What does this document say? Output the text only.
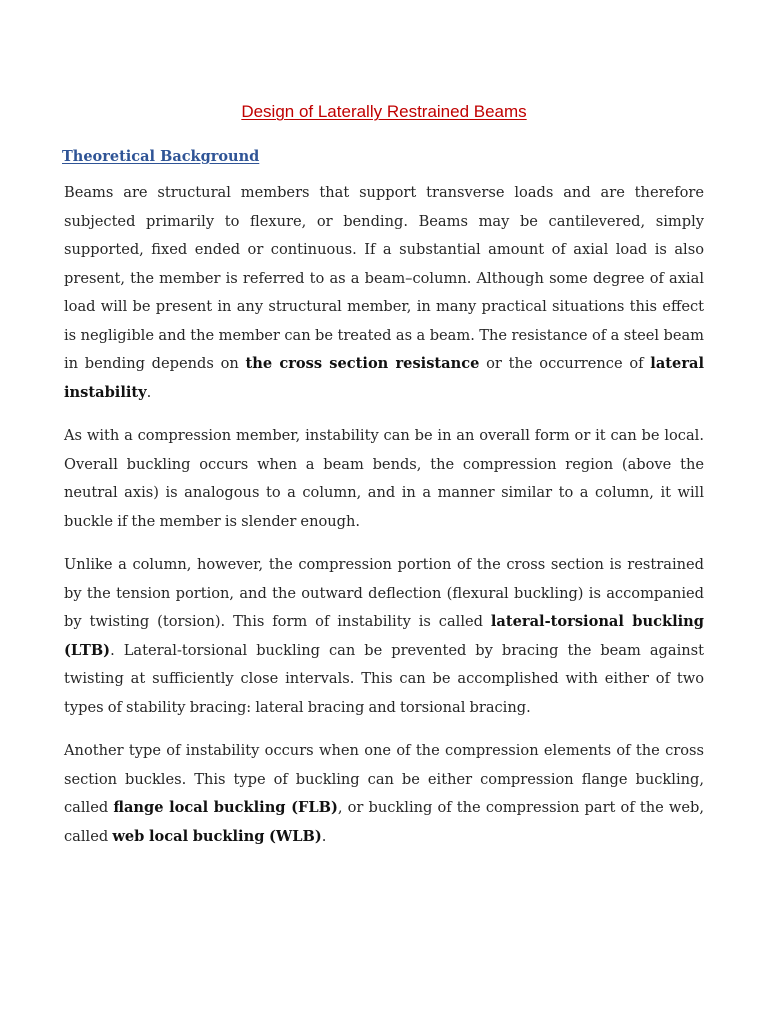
Design of Laterally Restrained Beams
Theoretical Background

Beams are structural members that support transverse loads and are therefore subjected primarily to flexure, or bending. Beams may be cantilevered, simply supported, fixed ended or continuous. If a substantial amount of axial load is also present, the member is referred to as a beam–column. Although some degree of axial load will be present in any structural member, in many practical situations this effect is negligible and the member can be treated as a beam. The resistance of a steel beam in bending depends on the cross section resistance or the occurrence of lateral instability.

As with a compression member, instability can be in an overall form or it can be local. Overall buckling occurs when a beam bends, the compression region (above the neutral axis) is analogous to a column, and in a manner similar to a column, it will buckle if the member is slender enough.

Unlike a column, however, the compression portion of the cross section is restrained by the tension portion, and the outward deflection (flexural buckling) is accompanied by twisting (torsion). This form of instability is called lateral-torsional buckling (LTB). Lateral-torsional buckling can be prevented by bracing the beam against twisting at sufficiently close intervals. This can be accomplished with either of two types of stability bracing: lateral bracing and torsional bracing.

Another type of instability occurs when one of the compression elements of the cross section buckles. This type of buckling can be either compression flange buckling, called flange local buckling (FLB), or buckling of the compression part of the web, called web local buckling (WLB).
